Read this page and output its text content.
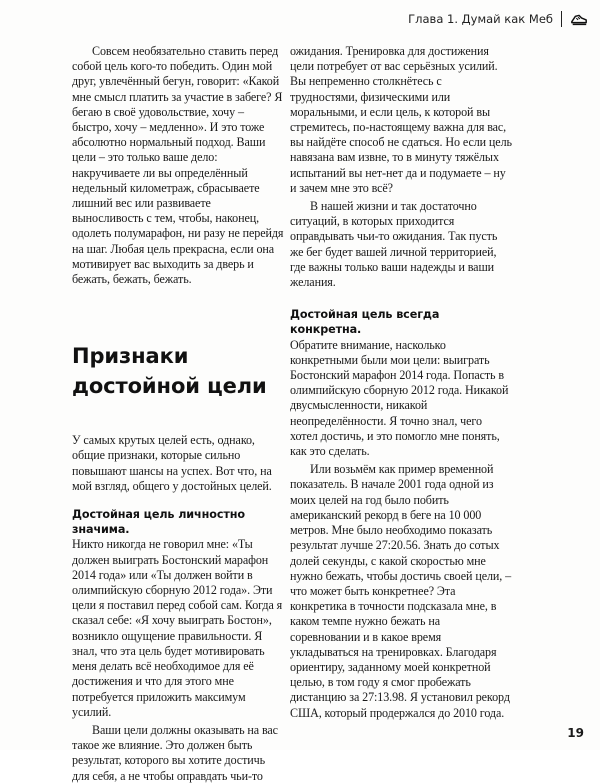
Глава 1. Думай как Меб

Совсем необязательно ставить перед собой цель кого-то победить. Один мой друг, увлечённый бегун, говорит: «Какой мне смысл платить за участие в забеге? Я бегаю в своё удовольствие, хочу – быстро, хочу – медленно». И это тоже абсолютно нормальный подход. Ваши цели – это только ваше дело: накручиваете ли вы определённый недельный километраж, сбрасываете лишний вес или развиваете выносливость с тем, чтобы, наконец, одолеть полумарафон, ни разу не перейдя на шаг. Любая цель прекрасна, если она мотивирует вас выходить за дверь и бежать, бежать, бежать.

Признаки достойной цели

У самых крутых целей есть, однако, общие признаки, которые сильно повышают шансы на успех. Вот что, на мой взгляд, общего у достойных целей.

Достойная цель личностно значима.

Никто никогда не говорил мне: «Ты должен выиграть Бостонский марафон 2014 года» или «Ты должен войти в олимпийскую сборную 2012 года». Эти цели я поставил перед собой сам. Когда я сказал себе: «Я хочу выиграть Бостон», возникло ощущение правильности. Я знал, что эта цель будет мотивировать меня делать всё необходимое для её достижения и что для этого мне потребуется приложить максимум усилий.

Ваши цели должны оказывать на вас такое же влияние. Это должен быть результат, которого вы хотите достичь для себя, а не чтобы оправдать чьи-то

ожидания. Тренировка для достижения цели потребует от вас серьёзных усилий. Вы непременно столкнётесь с трудностями, физическими или моральными, и если цель, к которой вы стремитесь, по-настоящему важна для вас, вы найдёте способ не сдаться. Но если цель навязана вам извне, то в минуту тяжёлых испытаний вы нет-нет да и подумаете – ну и зачем мне это всё?

В нашей жизни и так достаточно ситуаций, в которых приходится оправдывать чьи-то ожидания. Так пусть же бег будет вашей личной территорией, где важны только ваши надежды и ваши желания.

Достойная цель всегда конкретна.

Обратите внимание, насколько конкретными были мои цели: выиграть Бостонский марафон 2014 года. Попасть в олимпийскую сборную 2012 года. Никакой двусмысленности, никакой неопределённости. Я точно знал, чего хотел достичь, и это помогло мне понять, как это сделать.

Или возьмём как пример временной показатель. В начале 2001 года одной из моих целей на год было побить американский рекорд в беге на 10 000 метров. Мне было необходимо показать результат лучше 27:20.56. Знать до сотых долей секунды, с какой скоростью мне нужно бежать, чтобы достичь своей цели, – что может быть конкретнее? Эта конкретика в точности подсказала мне, в каком темпе нужно бежать на соревновании и в какое время укладываться на тренировках. Благодаря ориентиру, заданному моей конкретной целью, в том году я смог пробежать дистанцию за 27:13.98. Я установил рекорд США, который продержался до 2010 года.

19
